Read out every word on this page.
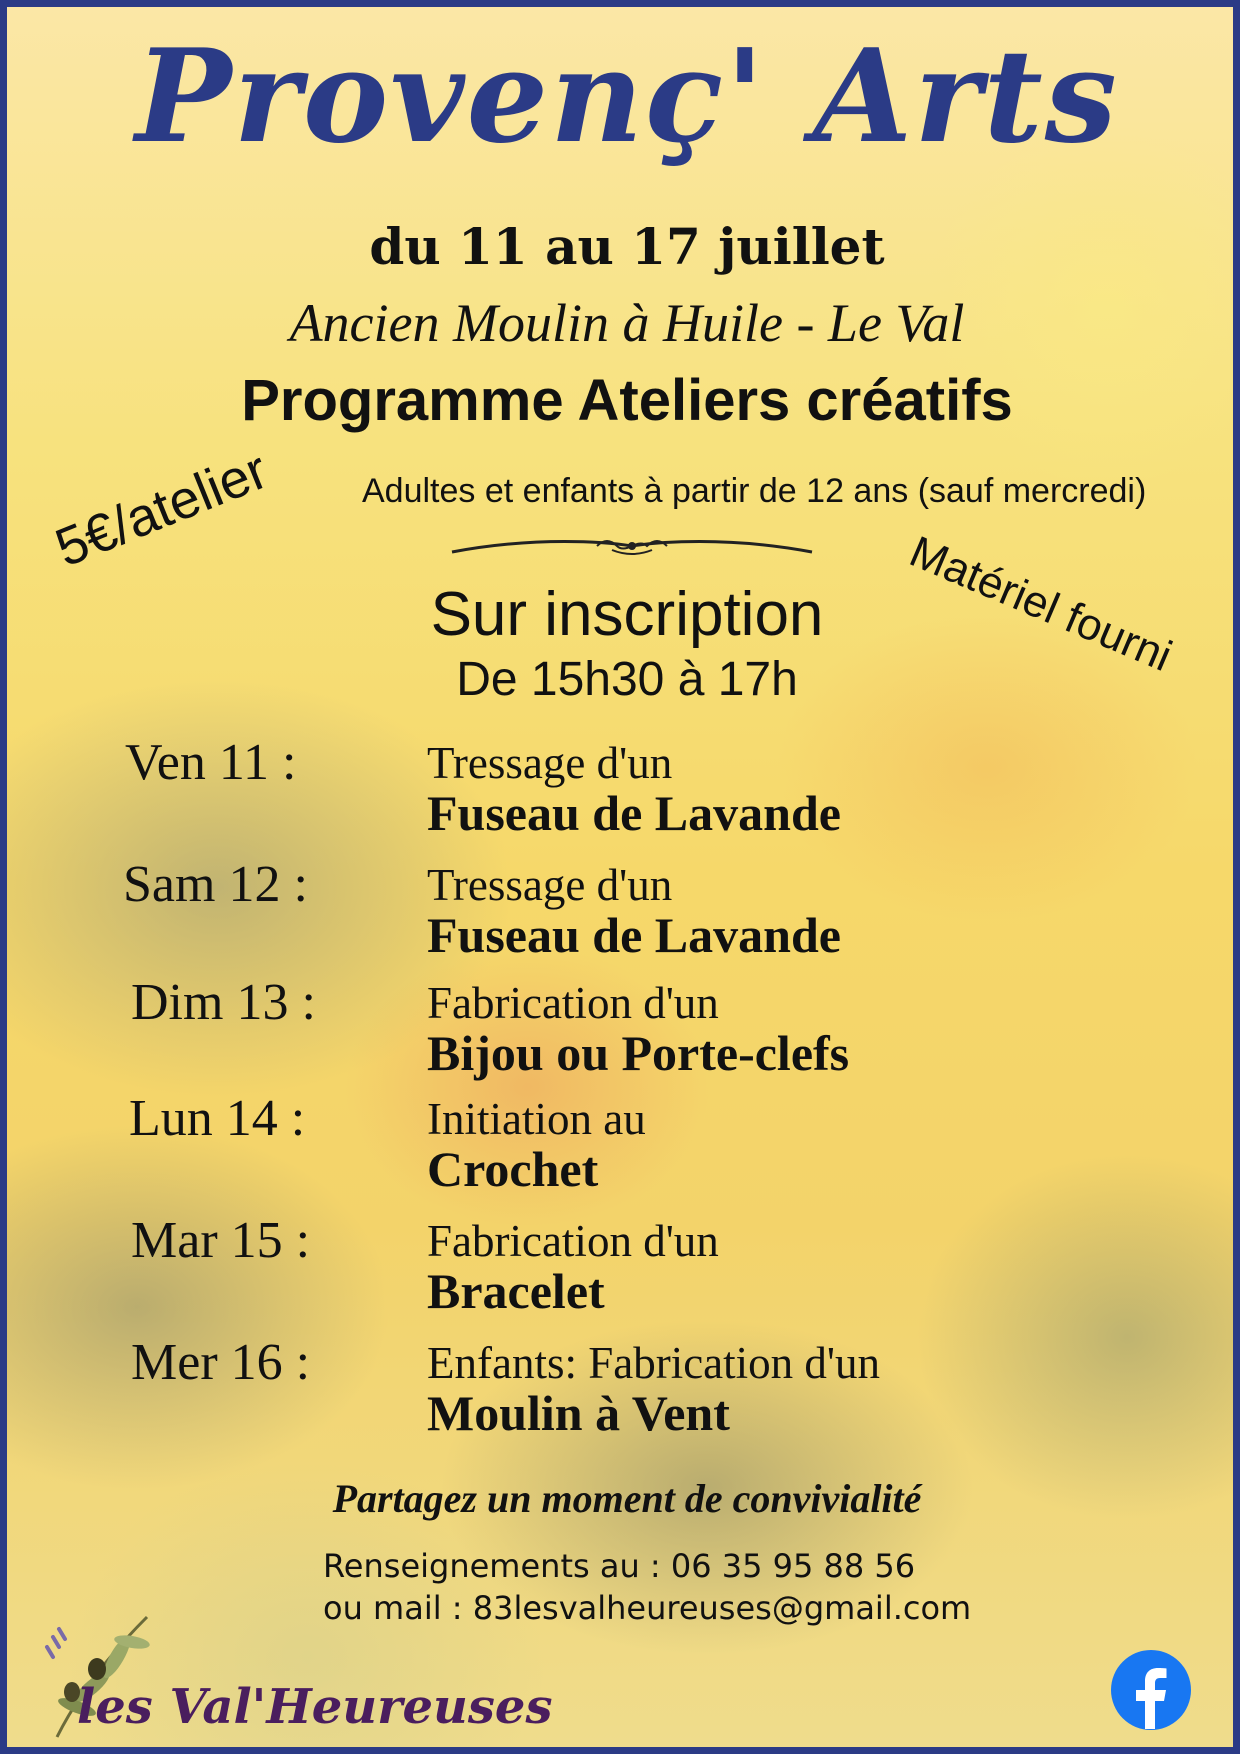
Provenç' Arts
du 11 au 17 juillet
Ancien Moulin à Huile - Le Val
Programme Ateliers créatifs
Adultes et enfants à partir de 12 ans (sauf mercredi)
5€/atelier
Matériel fourni
Sur inscription
De 15h30 à 17h
Ven 11 :	Tressage d'un
Fuseau de Lavande
Sam 12 :	Tressage d'un
Fuseau de Lavande
Dim 13 : Fabrication d'un
Bijou ou Porte-clefs
Lun 14 :	Initiation au
Crochet
Mar 15 :	Fabrication d'un
Bracelet
Mer 16 :	Enfants: Fabrication d'un
Moulin à Vent
Partagez un moment de convivialité
Renseignements au : 06 35 95 88 56
ou mail : 83lesvalheureuses@gmail.com
les Val'Heureuses
